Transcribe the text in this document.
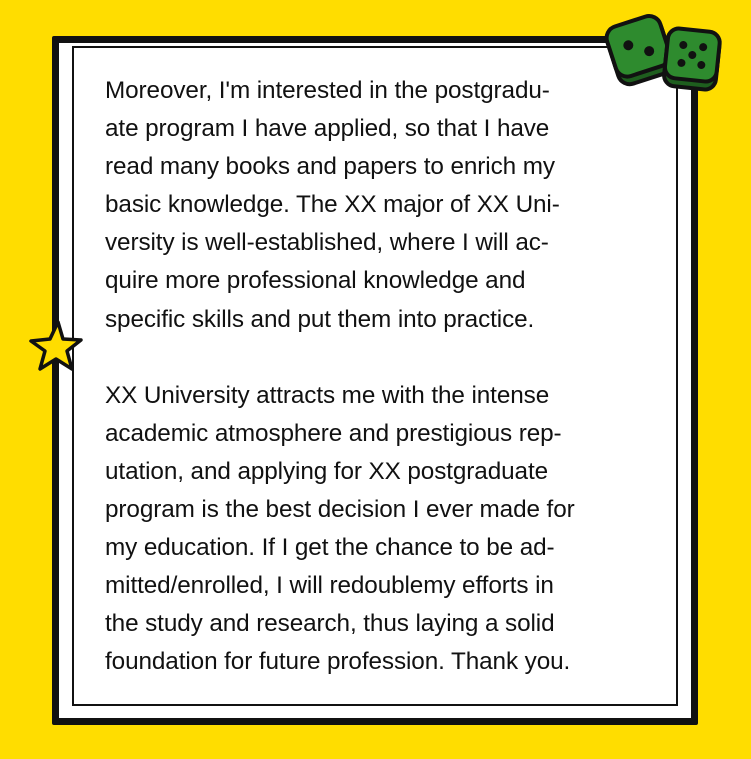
Moreover, I'm interested in the postgradu-
ate program I have applied, so that I have
read many books and papers to enrich my
basic knowledge. The XX major of XX Uni-
versity is well-established, where I will ac-
quire more professional knowledge and
specific skills and put them into practice.

XX University attracts me with the intense
academic atmosphere and prestigious rep-
utation, and applying for XX postgraduate
program is the best decision I ever made for
my education. If I get the chance to be ad-
mitted/enrolled, I will redoublemy efforts in
the study and research, thus laying a solid
foundation for future profession. Thank you.
